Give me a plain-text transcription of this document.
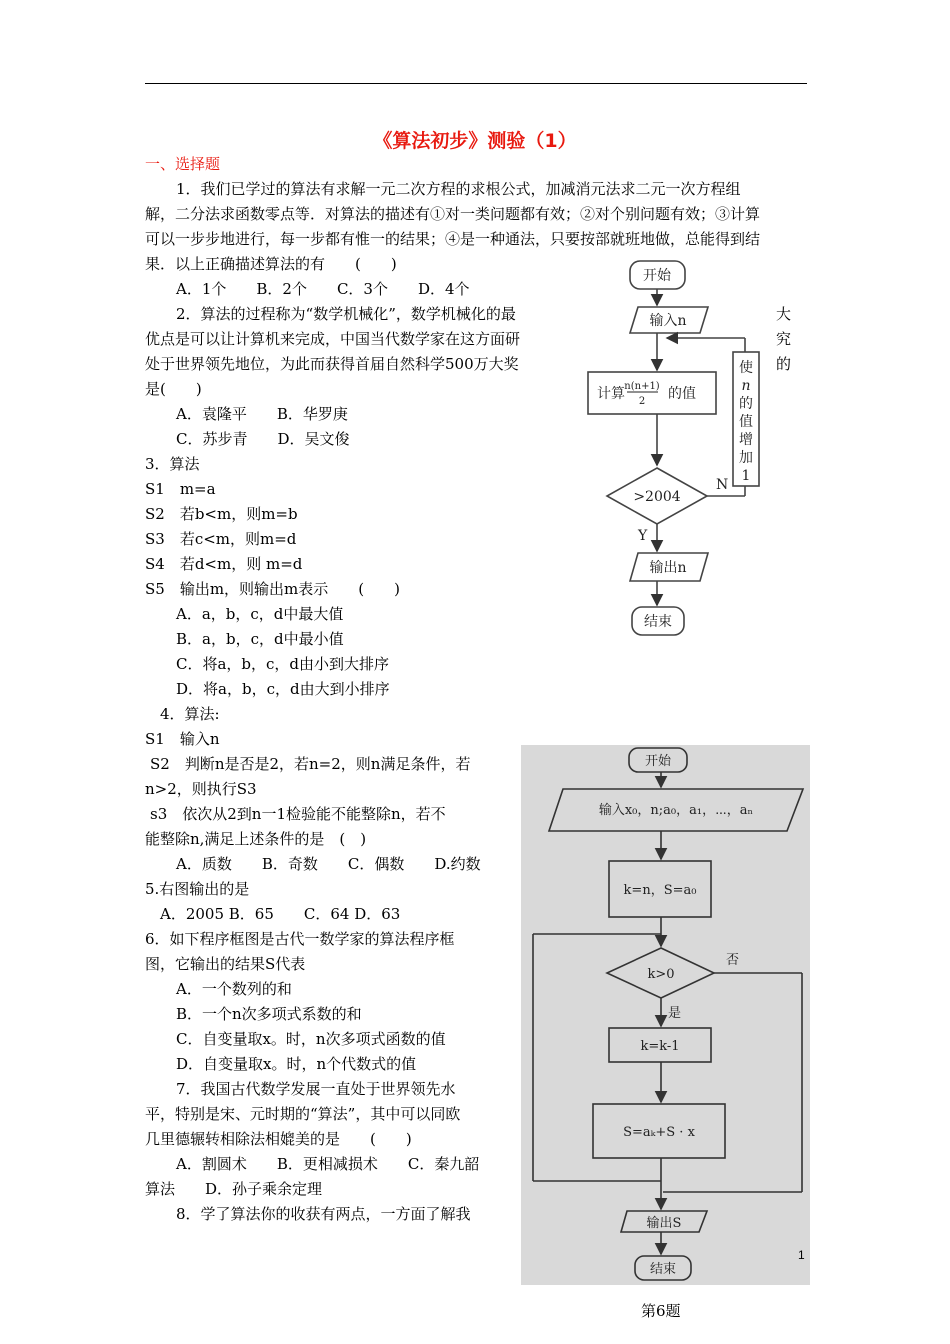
《算法初步》测验（1）
一、选择题
1．我们已学过的算法有求解一元二次方程的求根公式，加减消元法求二元一次方程组
解，二分法求函数零点等．对算法的描述有①对一类问题都有效；②对个别问题有效；③计算
可以一步步地进行，每一步都有惟一的结果；④是一种通法，只要按部就班地做，总能得到结
果．以上正确描述算法的有　　(　　)
A．1个　　B．2个　　C．3个　　D．4个
2．算法的过程称为“数学机械化”，数学机械化的最
优点是可以让计算机来完成，中国当代数学家在这方面研
处于世界领先地位，为此而获得首届自然科学500万大奖
是(　　)
A．袁隆平　　B．华罗庚
C．苏步青　　D．吴文俊
3．算法
S1　m=a
S2　若b<m，则m=b
S3　若c<m，则m=d
S4　若d<m，则 m=d
S5　输出m，则输出m表示　　(　　)
A．a，b，c，d中最大值
B．a，b，c，d中最小值
C．将a，b，c，d由小到大排序
D．将a，b，c，d由大到小排序
4．算法:
S1　输入n
S2　判断n是否是2，若n=2，则n满足条件，若
n>2，则执行S3
s3　依次从2到n一1检验能不能整除n，若不
能整除n,满足上述条件的是　(　)
A．质数　　B．奇数　　C．偶数　　D.约数
5.右图输出的是
A．2005 B．65　　C．64 D．63
6．如下程序框图是古代一数学家的算法程序框
图，它输出的结果S代表
A．一个数列的和
B．一个n次多项式系数的和
C．自变量取x。时，n次多项式函数的值
D．自变量取x。时，n个代数式的值
7．我国古代数学发展一直处于世界领先水
平，特别是宋、元时期的“算法”，其中可以同欧
几里德辗转相除法相媲美的是　　(　　)
A．割圆术　　B．更相减损术　　C．秦九韶
算法　　D．孙子乘余定理
8．学了算法你的收获有两点，一方面了解我
大
究
的
开始
输入n
计算 n(n+1)
2 的值
>2004
N
Y
使
n
的
值
增
加
1
输出n
结束
开始
输入x₀，n;a₀，a₁，⋯，aₙ
k=n，S=a₀
k>0
否
是
k=k-1
S=aₖ+S · x
输出S
结束
1
第6题
